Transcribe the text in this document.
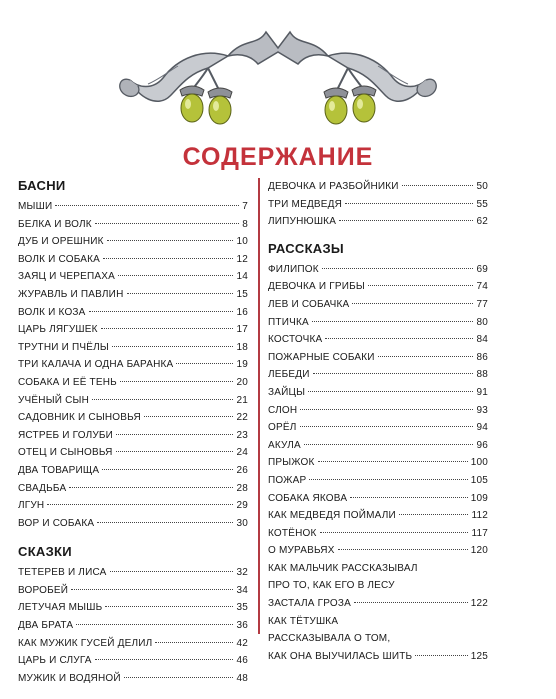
СОДЕРЖАНИЕ
БАСНИ
МЫШИ	7
БЕЛКА И ВОЛК	8
ДУБ И ОРЕШНИК	10
ВОЛК И СОБАКА	12
ЗАЯЦ И ЧЕРЕПАХА	14
ЖУРАВЛЬ И ПАВЛИН	15
ВОЛК И КОЗА	16
ЦАРЬ ЛЯГУШЕК	17
ТРУТНИ И ПЧЁЛЫ	18
ТРИ КАЛАЧА И ОДНА БАРАНКА	19
СОБАКА И ЕЁ ТЕНЬ	20
УЧЁНЫЙ СЫН	21
САДОВНИК И СЫНОВЬЯ	22
ЯСТРЕБ И ГОЛУБИ	23
ОТЕЦ И СЫНОВЬЯ	24
ДВА ТОВАРИЩА	26
СВАДЬБА	28
ЛГУН	29
ВОР И СОБАКА	30
СКАЗКИ
ТЕТЕРЕВ И ЛИСА	32
ВОРОБЕЙ	34
ЛЕТУЧАЯ МЫШЬ	35
ДВА БРАТА	36
КАК МУЖИК ГУСЕЙ ДЕЛИЛ	42
ЦАРЬ И СЛУГА	46
МУЖИК И ВОДЯНОЙ	48
ДЕВОЧКА И РАЗБОЙНИКИ	50
ТРИ МЕДВЕДЯ	55
ЛИПУНЮШКА	62
РАССКАЗЫ
ФИЛИПОК	69
ДЕВОЧКА И ГРИБЫ	74
ЛЕВ И СОБАЧКА	77
ПТИЧКА	80
КОСТОЧКА	84
ПОЖАРНЫЕ СОБАКИ	86
ЛЕБЕДИ	88
ЗАЙЦЫ	91
СЛОН	93
ОРЁЛ	94
АКУЛА	96
ПРЫЖОК	100
ПОЖАР	105
СОБАКА ЯКОВА	109
КАК МЕДВЕДЯ ПОЙМАЛИ	112
КОТЁНОК	117
О МУРАВЬЯХ	120
КАК МАЛЬЧИК РАССКАЗЫВАЛ
ПРО ТО, КАК ЕГО В ЛЕСУ
ЗАСТАЛА ГРОЗА	122
КАК ТЁТУШКА
РАССКАЗЫВАЛА О ТОМ,
КАК ОНА ВЫУЧИЛАСЬ ШИТЬ	125
